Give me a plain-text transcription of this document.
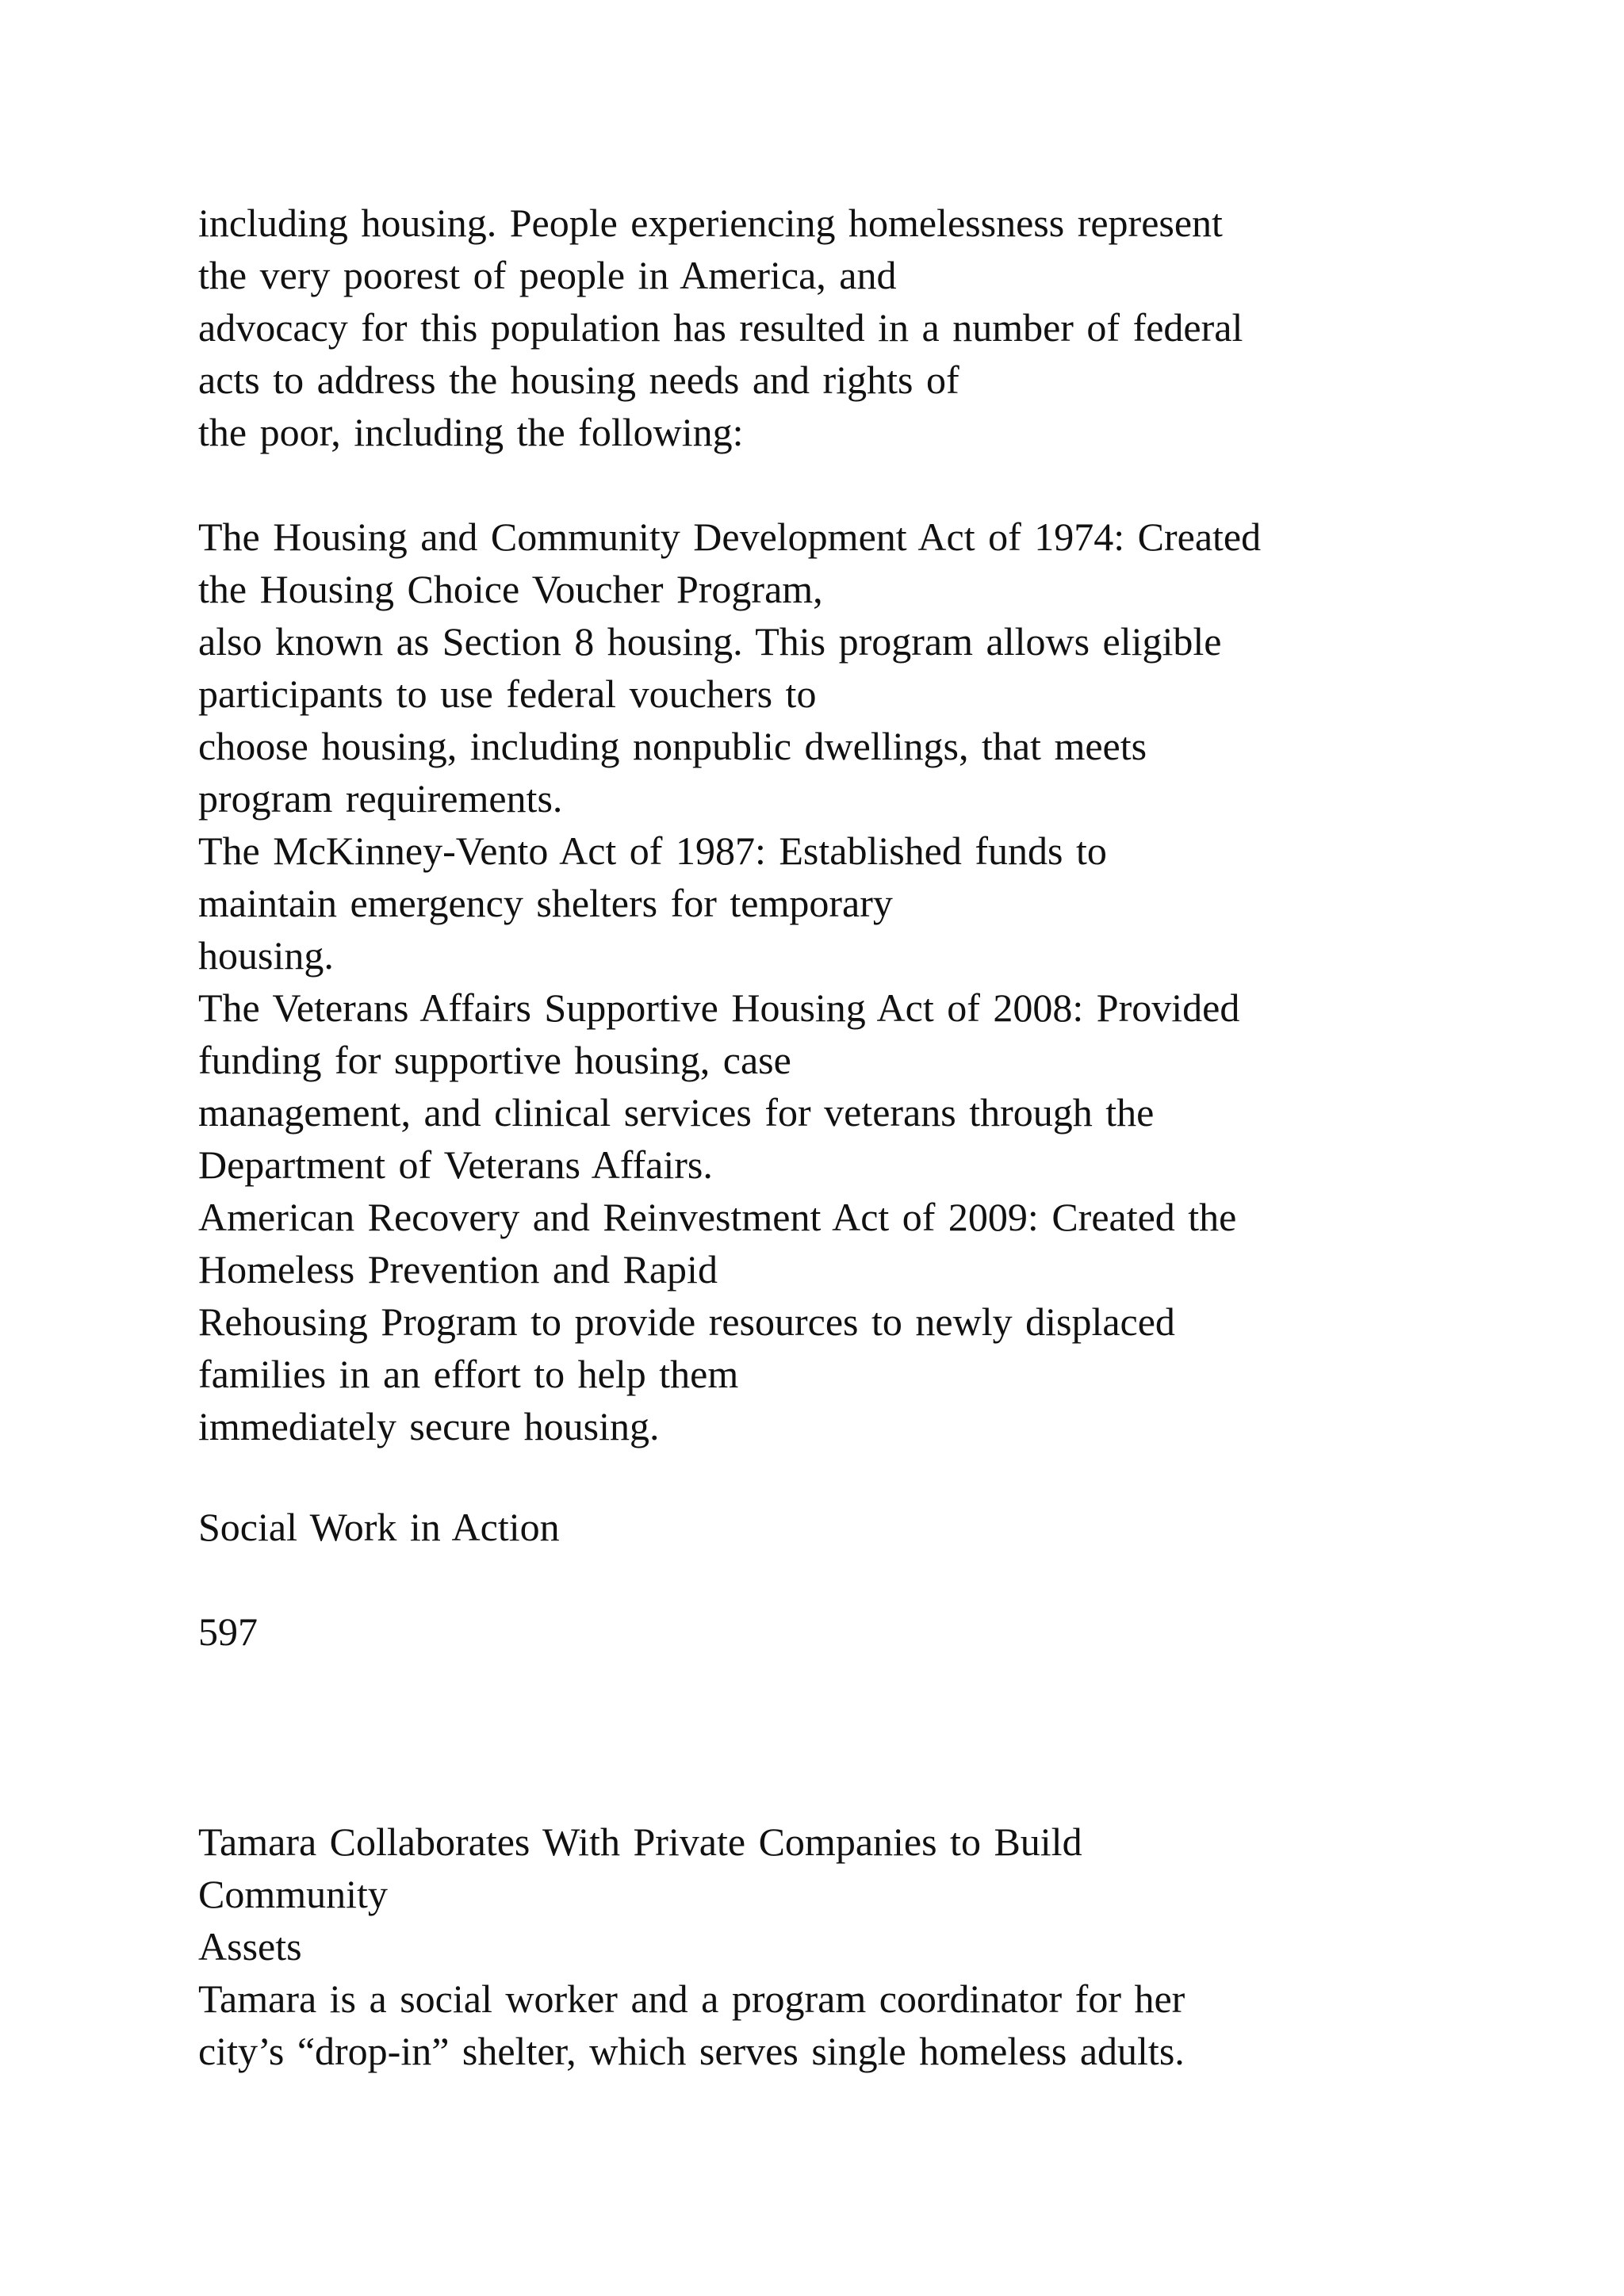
including housing. People experiencing homelessness represent

the very poorest of people in America, and

advocacy for this population has resulted in a number of federal

acts to address the housing needs and rights of

the poor, including the following:

The Housing and Community Development Act of 1974: Created

the Housing Choice Voucher Program,

also known as Section 8 housing. This program allows eligible

participants to use federal vouchers to

choose housing, including nonpublic dwellings, that meets

program requirements.

The McKinney-Vento Act of 1987: Established funds to

maintain emergency shelters for temporary

housing.

The Veterans Affairs Supportive Housing Act of 2008: Provided

funding for supportive housing, case

management, and clinical services for veterans through the

Department of Veterans Affairs.

American Recovery and Reinvestment Act of 2009: Created the

Homeless Prevention and Rapid

Rehousing Program to provide resources to newly displaced

families in an effort to help them

immediately secure housing.

Social Work in Action

597

Tamara Collaborates With Private Companies to Build

Community

Assets

Tamara is a social worker and a program coordinator for her

city’s “drop-in” shelter, which serves single homeless adults.
